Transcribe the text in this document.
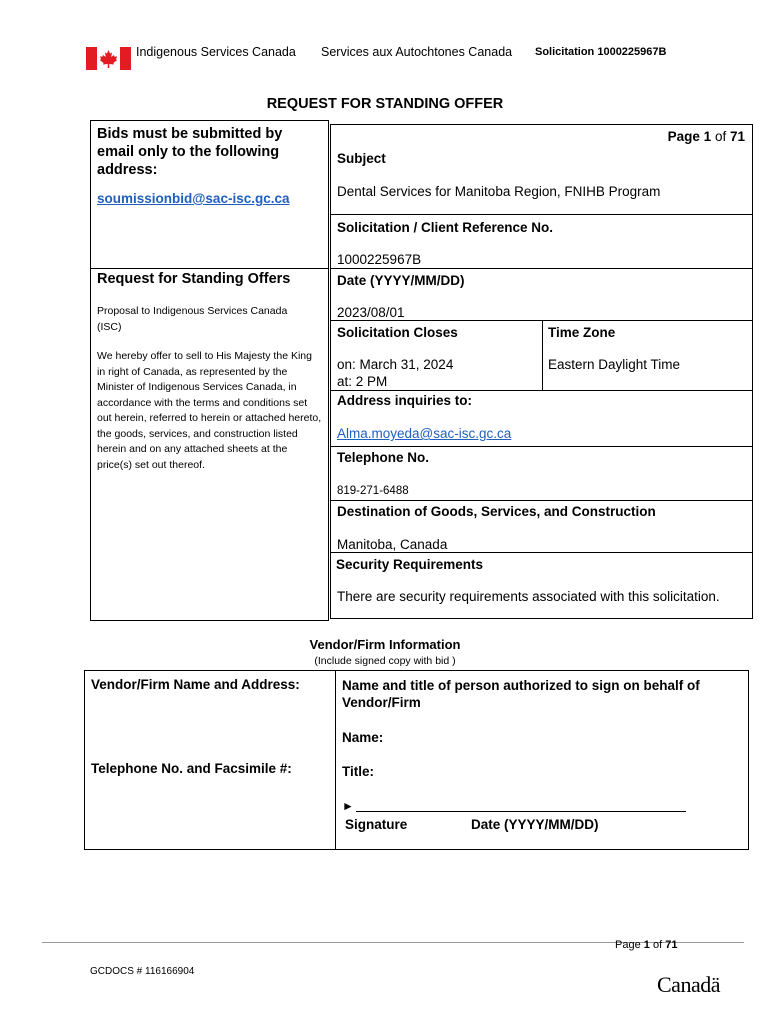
Indigenous Services Canada Services aux Autochtones Canada Solicitation 1000225967B
REQUEST FOR STANDING OFFER
Bids must be submitted by email only to the following address:
soumissionbid@sac-isc.gc.ca
Request for Standing Offers
Proposal to Indigenous Services Canada (ISC)
We hereby offer to sell to His Majesty the King in right of Canada, as represented by the Minister of Indigenous Services Canada, in accordance with the terms and conditions set out herein, referred to herein or attached hereto, the goods, services, and construction listed herein and on any attached sheets at the price(s) set out thereof.
Page 1 of 71
Subject
Dental Services for Manitoba Region, FNIHB Program
Solicitation / Client Reference No.
1000225967B
Date (YYYY/MM/DD)
2023/08/01
Solicitation Closes
on: March 31, 2024
at: 2 PM
Time Zone
Eastern Daylight Time
Address inquiries to:
Alma.moyeda@sac-isc.gc.ca
Telephone No.
819-271-6488
Destination of Goods, Services, and Construction
Manitoba, Canada
Security Requirements
There are security requirements associated with this solicitation.
Vendor/Firm Information
(Include signed copy with bid )
Vendor/Firm Name and Address:
Telephone No. and Facsimile #:
Name and title of person authorized to sign on behalf of Vendor/Firm
Name:
Title:
►
Signature	Date (YYYY/MM/DD)
Page 1 of 71
GCDOCS # 116166904
Canadä
